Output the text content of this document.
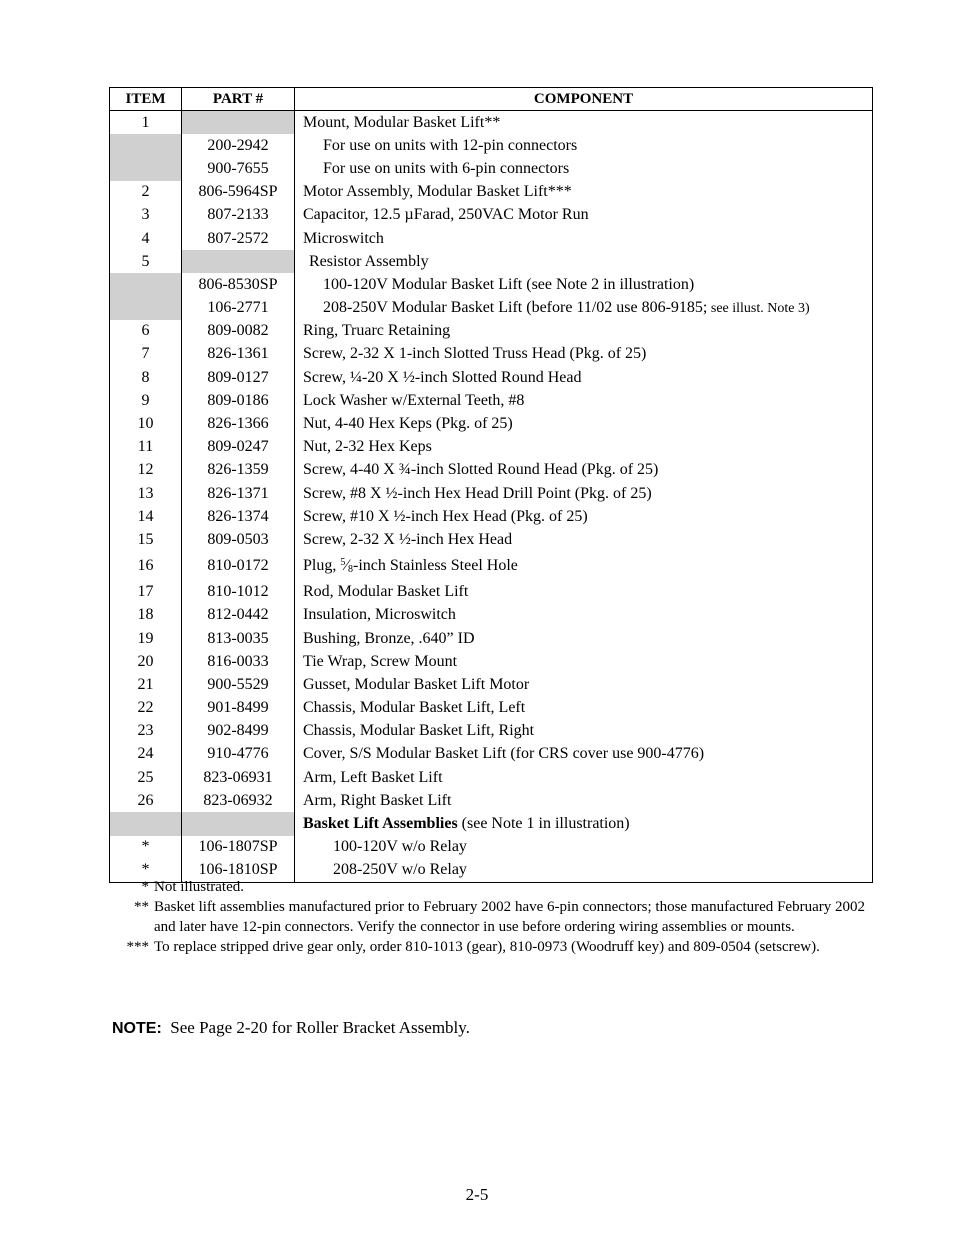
ITEM	PART #	COMPONENT
1		Mount, Modular Basket Lift**
	200-2942	For use on units with 12-pin connectors
	900-7655	For use on units with 6-pin connectors
2	806-5964SP	Motor Assembly, Modular Basket Lift***
3	807-2133	Capacitor, 12.5 µFarad, 250VAC Motor Run
4	807-2572	Microswitch
5		Resistor Assembly
	806-8530SP	100-120V Modular Basket Lift (see Note 2 in illustration)
	106-2771	208-250V Modular Basket Lift (before 11/02 use 806-9185; see illust. Note 3)
6	809-0082	Ring, Truarc Retaining
7	826-1361	Screw, 2-32 X 1-inch Slotted Truss Head (Pkg. of 25)
8	809-0127	Screw, ¼-20 X ½-inch Slotted Round Head
9	809-0186	Lock Washer w/External Teeth, #8
10	826-1366	Nut, 4-40 Hex Keps (Pkg. of 25)
11	809-0247	Nut, 2-32 Hex Keps
12	826-1359	Screw, 4-40 X ¾-inch Slotted Round Head (Pkg. of 25)
13	826-1371	Screw, #8 X ½-inch Hex Head Drill Point (Pkg. of 25)
14	826-1374	Screw, #10 X ½-inch Hex Head (Pkg. of 25)
15	809-0503	Screw, 2-32 X ½-inch Hex Head
16	810-0172	Plug, $^5⁄_8$-inch Stainless Steel Hole
17	810-1012	Rod, Modular Basket Lift
18	812-0442	Insulation, Microswitch
19	813-0035	Bushing, Bronze, .640” ID
20	816-0033	Tie Wrap, Screw Mount
21	900-5529	Gusset, Modular Basket Lift Motor
22	901-8499	Chassis, Modular Basket Lift, Left
23	902-8499	Chassis, Modular Basket Lift, Right
24	910-4776	Cover, S/S Modular Basket Lift (for CRS cover use 900-4776)
25	823-06931	Arm, Left Basket Lift
26	823-06932	Arm, Right Basket Lift
		Basket Lift Assemblies (see Note 1 in illustration)
*	106-1807SP	100-120V w/o Relay
*	106-1810SP	208-250V w/o Relay
* Not illustrated.
** Basket lift assemblies manufactured prior to February 2002 have 6-pin connectors; those manufactured February 2002 and later have 12-pin connectors. Verify the connector in use before ordering wiring assemblies or mounts.
*** To replace stripped drive gear only, order 810-1013 (gear), 810-0973 (Woodruff key) and 809-0504 (setscrew).
NOTE: See Page 2-20 for Roller Bracket Assembly.
2-5
